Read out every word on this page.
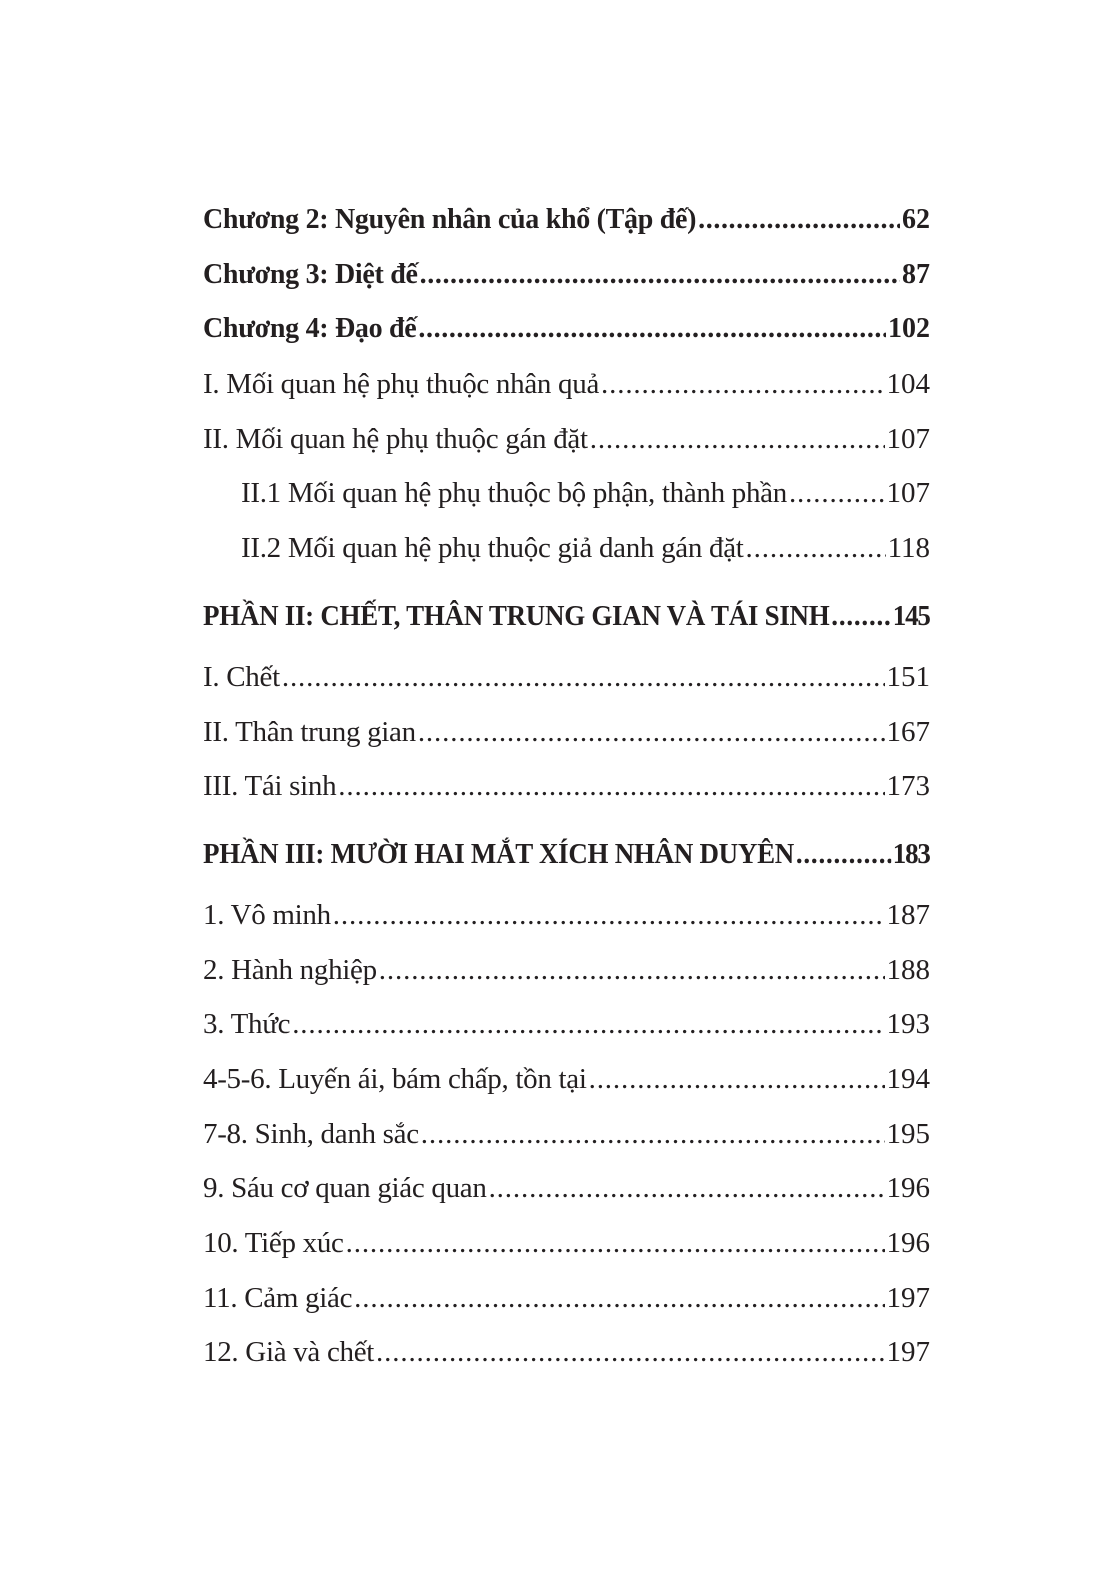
Chương 2: Nguyên nhân của khổ (Tập đế) . . .	62
Chương 3: Diệt đế . . .	87
Chương 4: Đạo đế . . .	102
I. Mối quan hệ phụ thuộc nhân quả . . .	104
II. Mối quan hệ phụ thuộc gán đặt . . .	107
II.1 Mối quan hệ phụ thuộc bộ phận, thành phần . . .	107
II.2 Mối quan hệ phụ thuộc giả danh gán đặt . . .	118
PHẦN II: CHẾT, THÂN TRUNG GIAN VÀ TÁI SINH . . . 145
I. Chết . . .	151
II. Thân trung gian . . .	167
III. Tái sinh . . .	173
PHẦN III: MƯỜI HAI MẮT XÍCH NHÂN DUYÊN . . .	183
1. Vô minh . . .	187
2. Hành nghiệp . . .	188
3. Thức . . .	193
4-5-6. Luyến ái, bám chấp, tồn tại . . .	194
7-8. Sinh, danh sắc . . .	195
9. Sáu cơ quan giác quan . . .	196
10. Tiếp xúc . . .	196
11. Cảm giác . . .	197
12. Già và chết . . .	197
